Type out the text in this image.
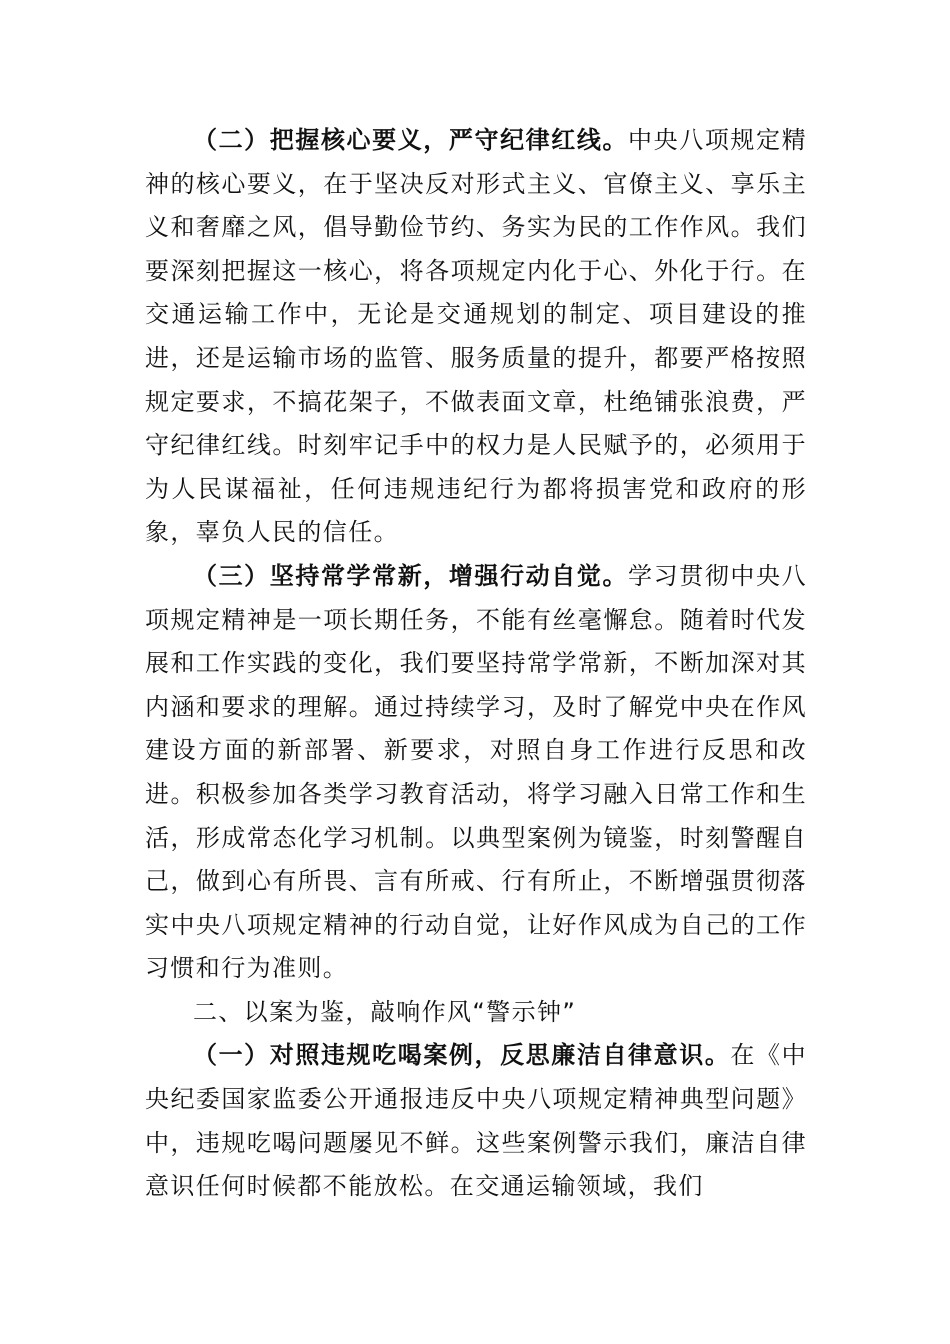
（二）把握核心要义，严守纪律红线。中央八项规定精神的核心要义，在于坚决反对形式主义、官僚主义、享乐主义和奢靡之风，倡导勤俭节约、务实为民的工作作风。我们要深刻把握这一核心，将各项规定内化于心、外化于行。在交通运输工作中，无论是交通规划的制定、项目建设的推进，还是运输市场的监管、服务质量的提升，都要严格按照规定要求，不搞花架子，不做表面文章，杜绝铺张浪费，严守纪律红线。时刻牢记手中的权力是人民赋予的，必须用于为人民谋福祉，任何违规违纪行为都将损害党和政府的形象，辜负人民的信任。

（三）坚持常学常新，增强行动自觉。学习贯彻中央八项规定精神是一项长期任务，不能有丝毫懈怠。随着时代发展和工作实践的变化，我们要坚持常学常新，不断加深对其内涵和要求的理解。通过持续学习，及时了解党中央在作风建设方面的新部署、新要求，对照自身工作进行反思和改进。积极参加各类学习教育活动，将学习融入日常工作和生活，形成常态化学习机制。以典型案例为镜鉴，时刻警醒自己，做到心有所畏、言有所戒、行有所止，不断增强贯彻落实中央八项规定精神的行动自觉，让好作风成为自己的工作习惯和行为准则。

二、以案为鉴，敲响作风“警示钟”

（一）对照违规吃喝案例，反思廉洁自律意识。在《中央纪委国家监委公开通报违反中央八项规定精神典型问题》中，违规吃喝问题屡见不鲜。这些案例警示我们，廉洁自律意识任何时候都不能放松。在交通运输领域，我们
